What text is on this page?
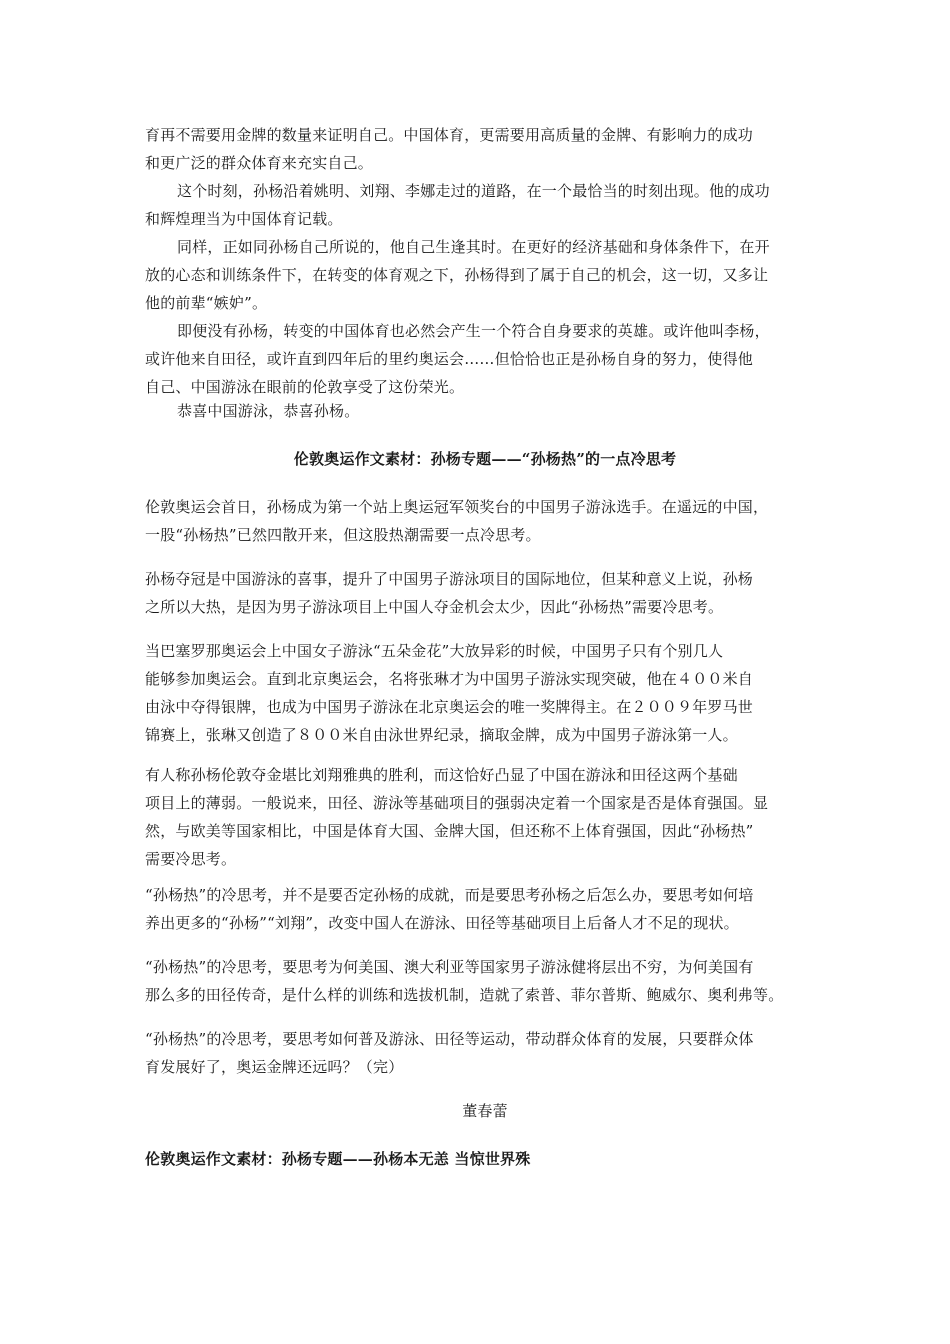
育再不需要用金牌的数量来证明自己。中国体育，更需要用高质量的金牌、有影响力的成功
和更广泛的群众体育来充实自己。
这个时刻，孙杨沿着姚明、刘翔、李娜走过的道路，在一个最恰当的时刻出现。他的成功
和辉煌理当为中国体育记载。
同样，正如同孙杨自己所说的，他自己生逢其时。在更好的经济基础和身体条件下，在开
放的心态和训练条件下，在转变的体育观之下，孙杨得到了属于自己的机会，这一切，又多让
他的前辈“嫉妒”。
即便没有孙杨，转变的中国体育也必然会产生一个符合自身要求的英雄。或许他叫李杨，
或许他来自田径，或许直到四年后的里约奥运会……但恰恰也正是孙杨自身的努力，使得他
自己、中国游泳在眼前的伦敦享受了这份荣光。
恭喜中国游泳，恭喜孙杨。
伦敦奥运作文素材：孙杨专题——“孙杨热”的一点冷思考
伦敦奥运会首日，孙杨成为第一个站上奥运冠军领奖台的中国男子游泳选手。在遥远的中国，
一股“孙杨热”已然四散开来，但这股热潮需要一点冷思考。
孙杨夺冠是中国游泳的喜事，提升了中国男子游泳项目的国际地位，但某种意义上说，孙杨
之所以大热，是因为男子游泳项目上中国人夺金机会太少，因此“孙杨热”需要冷思考。
当巴塞罗那奥运会上中国女子游泳“五朵金花”大放异彩的时候，中国男子只有个别几人
能够参加奥运会。直到北京奥运会，名将张琳才为中国男子游泳实现突破，他在４００米自
由泳中夺得银牌，也成为中国男子游泳在北京奥运会的唯一奖牌得主。在２００９年罗马世
锦赛上，张琳又创造了８００米自由泳世界纪录，摘取金牌，成为中国男子游泳第一人。
有人称孙杨伦敦夺金堪比刘翔雅典的胜利，而这恰好凸显了中国在游泳和田径这两个基础
项目上的薄弱。一般说来，田径、游泳等基础项目的强弱决定着一个国家是否是体育强国。显
然，与欧美等国家相比，中国是体育大国、金牌大国，但还称不上体育强国，因此“孙杨热”
需要冷思考。
“孙杨热”的冷思考，并不是要否定孙杨的成就，而是要思考孙杨之后怎么办，要思考如何培
养出更多的“孙杨”“刘翔”，改变中国人在游泳、田径等基础项目上后备人才不足的现状。
“孙杨热”的冷思考，要思考为何美国、澳大利亚等国家男子游泳健将层出不穷，为何美国有
那么多的田径传奇，是什么样的训练和选拔机制，造就了索普、菲尔普斯、鲍威尔、奥利弗等。
“孙杨热”的冷思考，要思考如何普及游泳、田径等运动，带动群众体育的发展，只要群众体
育发展好了，奥运金牌还远吗？（完）
董春蕾
伦敦奥运作文素材：孙杨专题——孙杨本无恙 当惊世界殊
